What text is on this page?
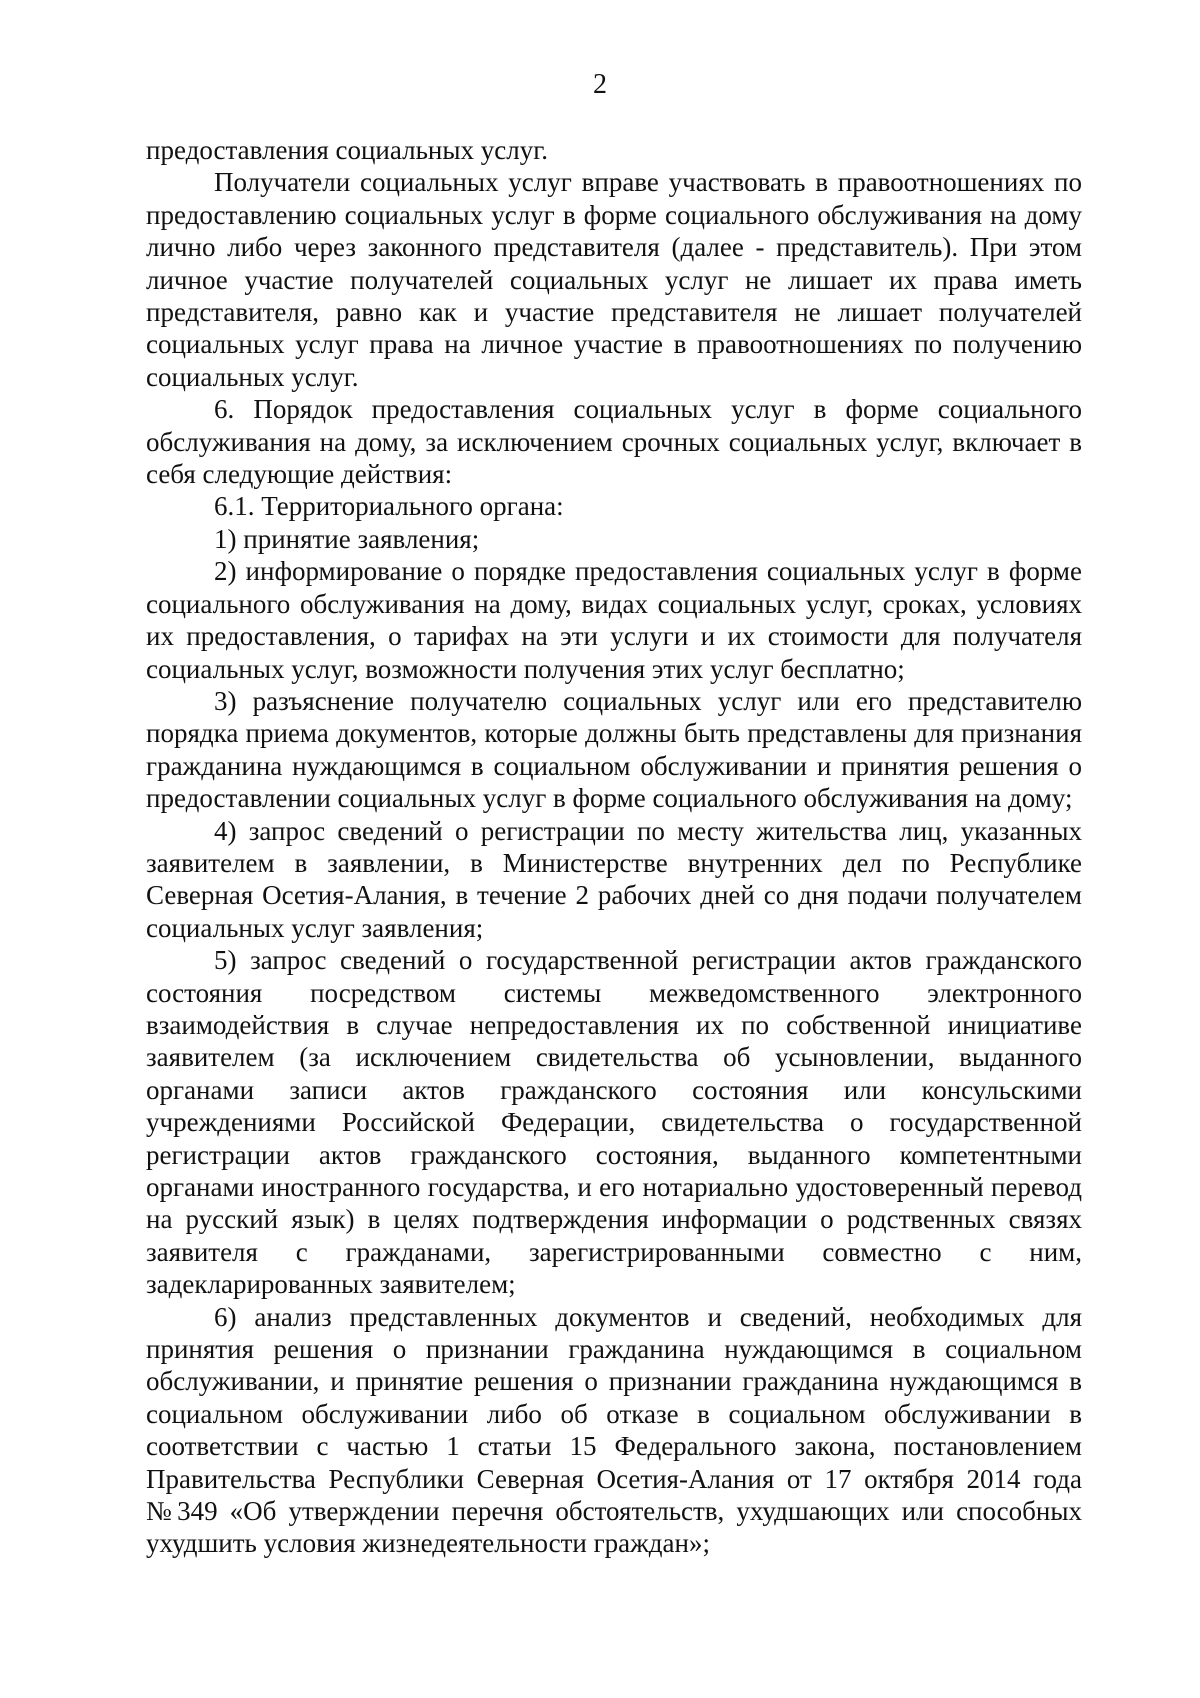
2

предоставления социальных услуг.

Получатели социальных услуг вправе участвовать в правоотношениях по предоставлению социальных услуг в форме социального обслуживания на дому лично либо через законного представителя (далее - представитель). При этом личное участие получателей социальных услуг не лишает их права иметь представителя, равно как и участие представителя не лишает получателей социальных услуг права на личное участие в правоотношениях по получению социальных услуг.

6. Порядок предоставления социальных услуг в форме социального обслуживания на дому, за исключением срочных социальных услуг, включает в себя следующие действия:

6.1. Территориального органа:

1) принятие заявления;

2) информирование о порядке предоставления социальных услуг в форме социального обслуживания на дому, видах социальных услуг, сроках, условиях их предоставления, о тарифах на эти услуги и их стоимости для получателя социальных услуг, возможности получения этих услуг бесплатно;

3) разъяснение получателю социальных услуг или его представителю порядка приема документов, которые должны быть представлены для признания гражданина нуждающимся в социальном обслуживании и принятия решения о предоставлении социальных услуг в форме социального обслуживания на дому;

4) запрос сведений о регистрации по месту жительства лиц, указанных заявителем в заявлении, в Министерстве внутренних дел по Республике Северная Осетия-Алания, в течение 2 рабочих дней со дня подачи получателем социальных услуг заявления;

5) запрос сведений о государственной регистрации актов гражданского состояния посредством системы межведомственного электронного взаимодействия в случае непредоставления их по собственной инициативе заявителем (за исключением свидетельства об усыновлении, выданного органами записи актов гражданского состояния или консульскими учреждениями Российской Федерации, свидетельства о государственной регистрации актов гражданского состояния, выданного компетентными органами иностранного государства, и его нотариально удостоверенный перевод на русский язык) в целях подтверждения информации о родственных связях заявителя с гражданами, зарегистрированными совместно с ним, задекларированных заявителем;

6) анализ представленных документов и сведений, необходимых для принятия решения о признании гражданина нуждающимся в социальном обслуживании, и принятие решения о признании гражданина нуждающимся в социальном обслуживании либо об отказе в социальном обслуживании в соответствии с частью 1 статьи 15 Федерального закона, постановлением Правительства Республики Северная Осетия-Алания от 17 октября 2014 года №349 «Об утверждении перечня обстоятельств, ухудшающих или способных ухудшить условия жизнедеятельности граждан»;
